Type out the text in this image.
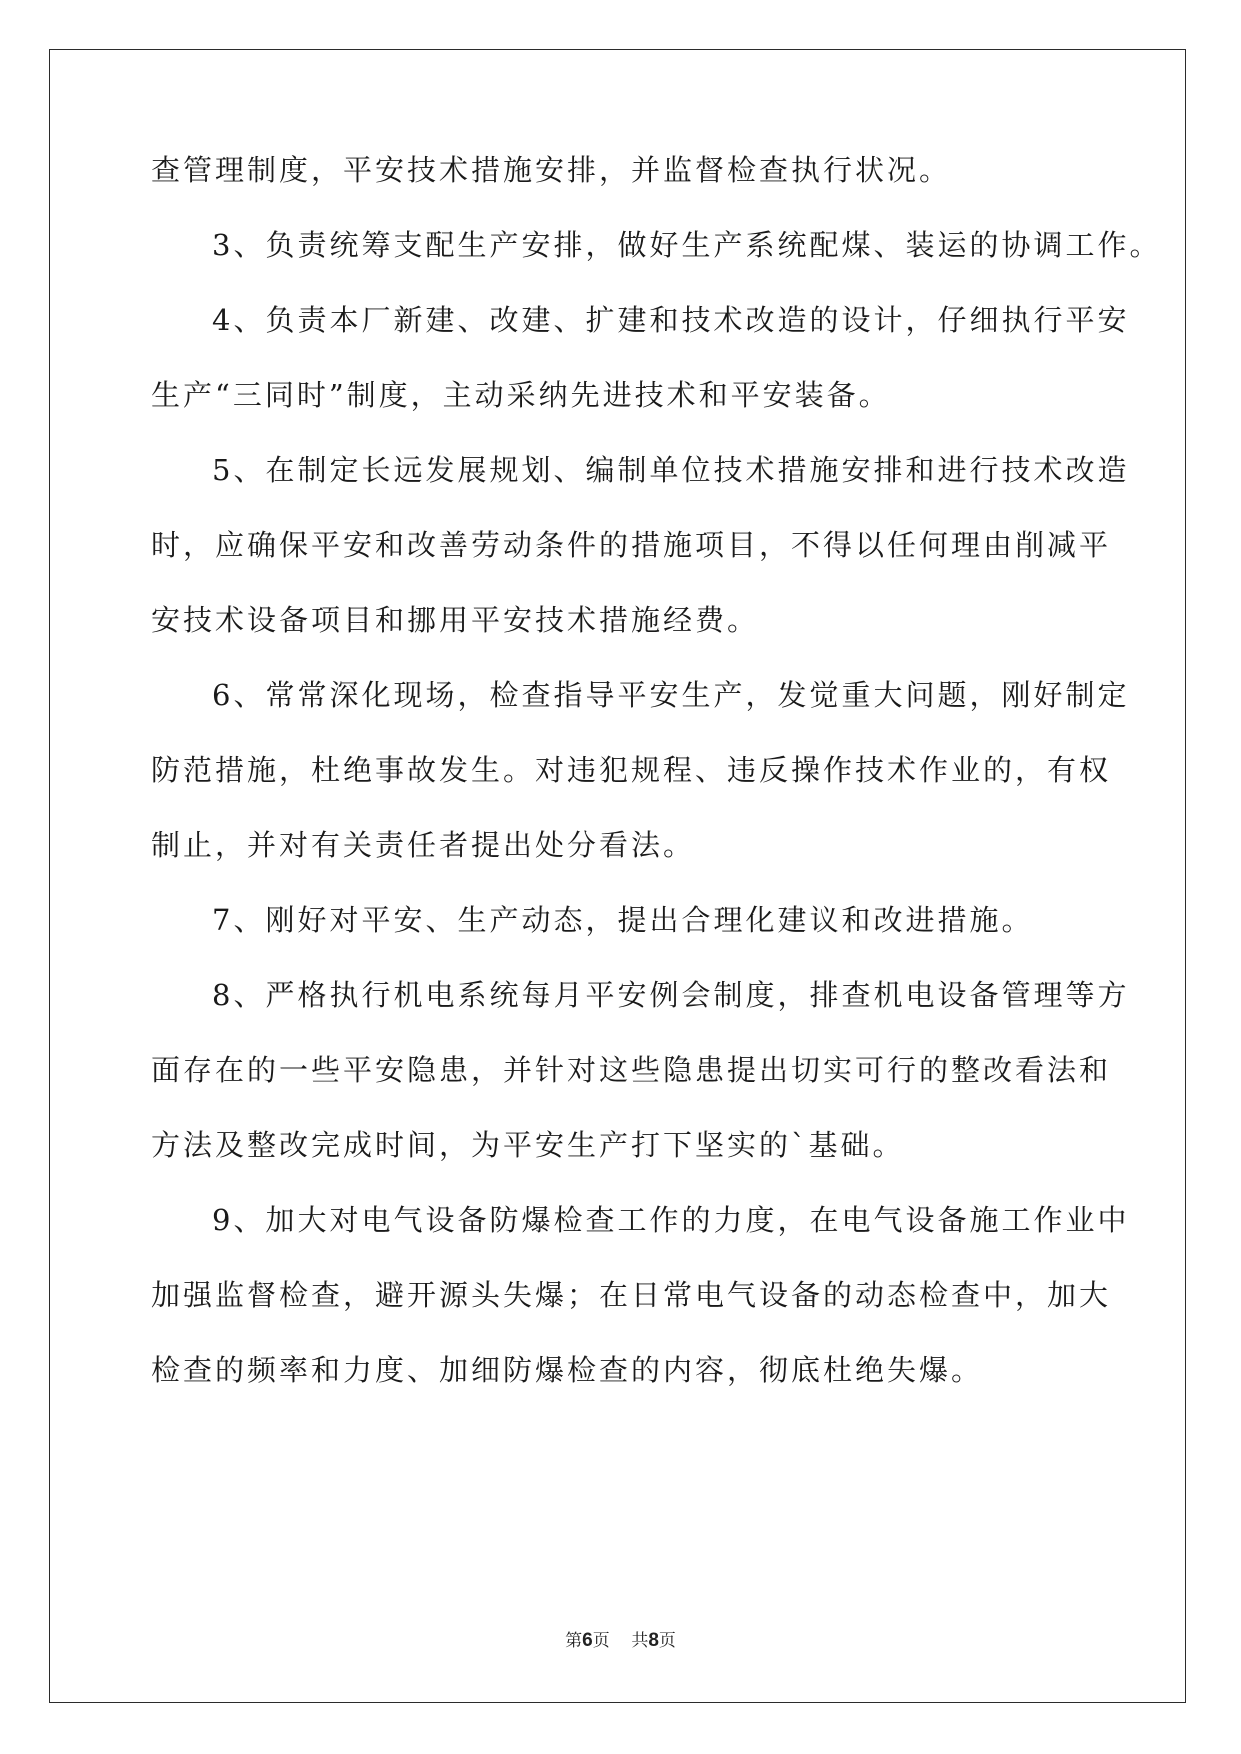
查管理制度，平安技术措施安排，并监督检查执行状况。
3、负责统筹支配生产安排，做好生产系统配煤、装运的协调工作。
4、负责本厂新建、改建、扩建和技术改造的设计，仔细执行平安
生产“三同时”制度，主动采纳先进技术和平安装备。
5、在制定长远发展规划、编制单位技术措施安排和进行技术改造
时，应确保平安和改善劳动条件的措施项目，不得以任何理由削减平
安技术设备项目和挪用平安技术措施经费。
6、常常深化现场，检查指导平安生产，发觉重大问题，刚好制定
防范措施，杜绝事故发生。对违犯规程、违反操作技术作业的，有权
制止，并对有关责任者提出处分看法。
7、刚好对平安、生产动态，提出合理化建议和改进措施。
8、严格执行机电系统每月平安例会制度，排查机电设备管理等方
面存在的一些平安隐患，并针对这些隐患提出切实可行的整改看法和
方法及整改完成时间，为平安生产打下坚实的`基础。
9、加大对电气设备防爆检查工作的力度，在电气设备施工作业中
加强监督检查，避开源头失爆；在日常电气设备的动态检查中，加大
检查的频率和力度、加细防爆检查的内容，彻底杜绝失爆。
第6页 共8页
